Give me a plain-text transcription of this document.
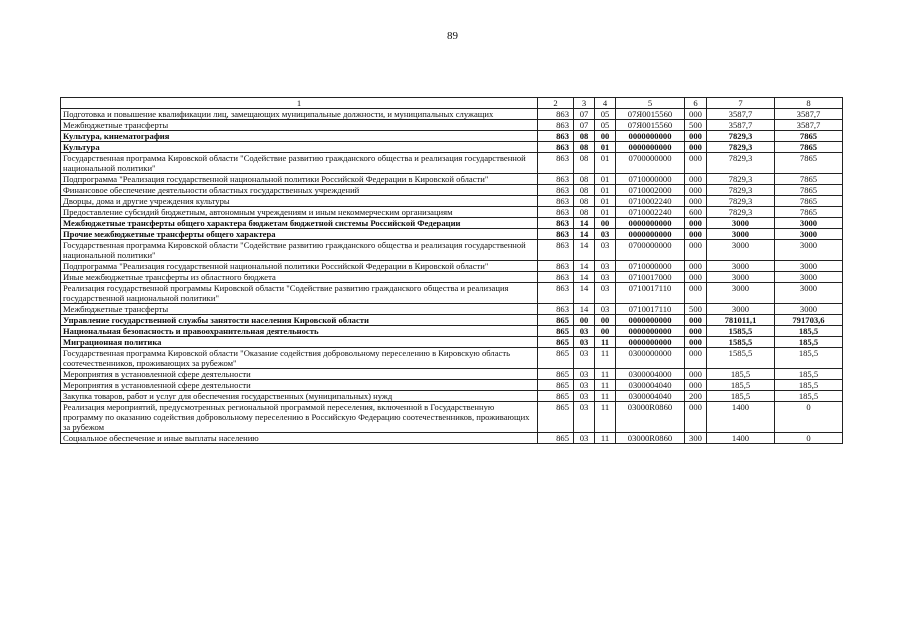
89
1	2	3	4	5	6	7	8
Подготовка и повышение квалификации лиц, замещающих муниципальные должности, и муниципальных служащих	863	07	05	07Я0015560	000	3587,7	3587,7
Межбюджетные трансферты	863	07	05	07Я0015560	500	3587,7	3587,7
Культура, кинематография	863	08	00	0000000000	000	7829,3	7865
Культура	863	08	01	0000000000	000	7829,3	7865
Государственная программа Кировской области "Содействие развитию гражданского общества и реализация государственной национальной политики"	863	08	01	0700000000	000	7829,3	7865
Подпрограмма "Реализация государственной национальной политики Российской Федерации в Кировской области"	863	08	01	0710000000	000	7829,3	7865
Финансовое обеспечение деятельности областных государственных учреждений	863	08	01	0710002000	000	7829,3	7865
Дворцы, дома и другие учреждения культуры	863	08	01	0710002240	000	7829,3	7865
Предоставление субсидий бюджетным, автономным учреждениям и иным некоммерческим организациям	863	08	01	0710002240	600	7829,3	7865
Межбюджетные трансферты общего характера бюджетам бюджетной системы Российской Федерации	863	14	00	0000000000	000	3000	3000
Прочие межбюджетные трансферты общего характера	863	14	03	0000000000	000	3000	3000
Государственная программа Кировской области "Содействие развитию гражданского общества и реализация государственной национальной политики"	863	14	03	0700000000	000	3000	3000
Подпрограмма "Реализация государственной национальной политики Российской Федерации в Кировской области"	863	14	03	0710000000	000	3000	3000
Иные межбюджетные трансферты из областного бюджета	863	14	03	0710017000	000	3000	3000
Реализация государственной программы Кировской области "Содействие развитию гражданского общества и реализация государственной национальной политики"	863	14	03	0710017110	000	3000	3000
Межбюджетные трансферты	863	14	03	0710017110	500	3000	3000
Управление государственной службы занятости населения Кировской области	865	00	00	0000000000	000	781011,1	791703,6
Национальная безопасность и правоохранительная деятельность	865	03	00	0000000000	000	1585,5	185,5
Миграционная политика	865	03	11	0000000000	000	1585,5	185,5
Государственная программа Кировской области "Оказание содействия добровольному переселению в Кировскую область соотечественников, проживающих за рубежом"	865	03	11	0300000000	000	1585,5	185,5
Мероприятия в установленной сфере деятельности	865	03	11	0300004000	000	185,5	185,5
Мероприятия в установленной сфере деятельности	865	03	11	0300004040	000	185,5	185,5
Закупка товаров, работ и услуг для обеспечения государственных (муниципальных) нужд	865	03	11	0300004040	200	185,5	185,5
Реализация мероприятий, предусмотренных региональной программой переселения, включенной в Государственную программу по оказанию содействия добровольному переселению в Российскую Федерацию соотечественников, проживающих за рубежом	865	03	11	03000R0860	000	1400	0
Социальное обеспечение и иные выплаты населению	865	03	11	03000R0860	300	1400	0
